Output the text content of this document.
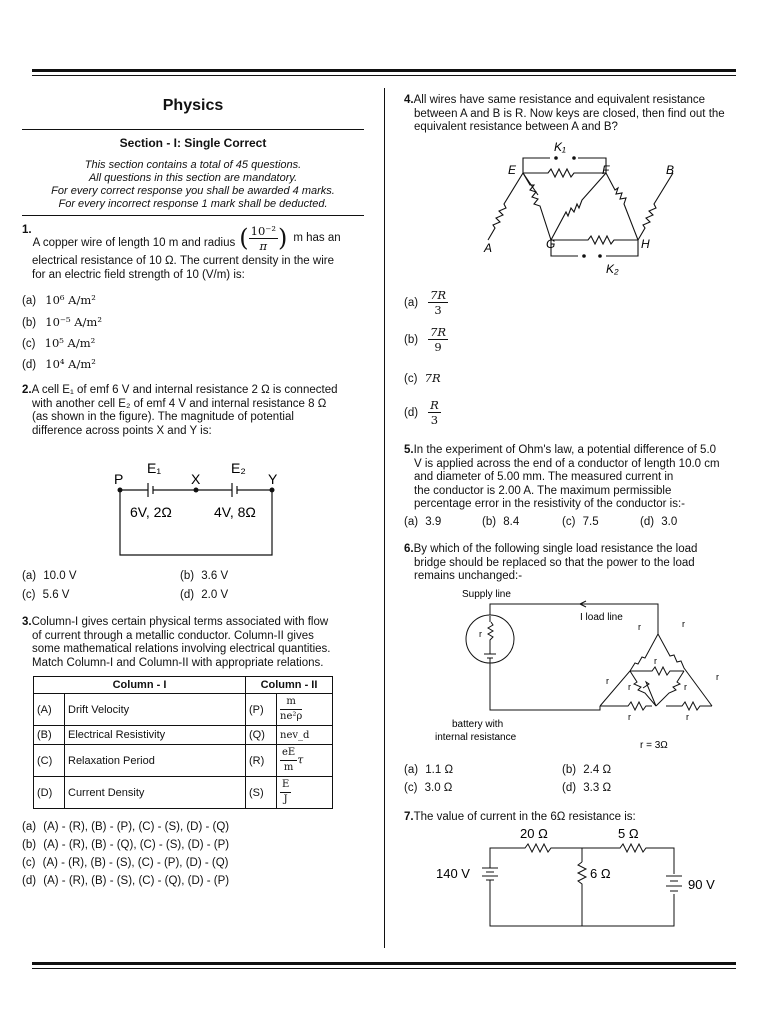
Physics
Section - I: Single Correct
This section contains a total of 45 questions.
All questions in this section are mandatory.
For every correct response you shall be awarded 4 marks.
For every incorrect response 1 mark shall be deducted.
1.
A copper wire of length 10 m and radius ( $\frac{\text{10⁻²}}{\pi}$ ) m has an
electrical resistance of 10 Ω. The current density in the wire
for an electric field strength of 10 (V/m) is:
(a) 10⁶ A/m²
(b) 10⁻⁵ A/m²
(c) 10⁵ A/m²
(d) 10⁴ A/m²
2.A cell E₁ of emf 6 V and internal resistance 2 Ω is connected
with another cell E₂ of emf 4 V and internal resistance 8 Ω
(as shown in the figure). The magnitude of potential
difference across points X and Y is:
P	X	Y
E₁	E₂
6V, 2Ω	4V, 8Ω
(a) 10.0 V	(b) 3.6 V
(c) 5.6 V	(d) 2.0 V
3.Column-I gives certain physical terms associated with flow
of current through a metallic conductor. Column-II gives
some mathematical relations involving electrical quantities.
Match Column-I and Column-II with appropriate relations.
Column - I		Column - II	
(A)	Drift Velocity	(P)	$\frac{m}{\text{ne²ρ}}$

(B)	Electrical Resistivity	(Q)	nev_d
(C)	Relaxation Period	(R)	$\frac{eE}{m}$ τ
(D)	Current Density	(S)	$\frac{E}{J}$
(a) (A) - (R), (B) - (P), (C) - (S), (D) - (Q)
(b) (A) - (R), (B) - (Q), (C) - (S), (D) - (P)
(c) (A) - (R), (B) - (S), (C) - (P), (D) - (Q)
(d) (A) - (R), (B) - (S), (C) - (Q), (D) - (P)
4.All wires have same resistance and equivalent resistance
between A and B is R. Now keys are closed, then find out the
equivalent resistance between A and B?
K₁
E	F	B
A	G	H
K₂
$(a) \frac{7R}{3}$
$(b) \frac{7R}{9}$
(c) 7R
$(d) \frac{R}{3}$
5.In the experiment of Ohm's law, a potential difference of 5.0
V is applied across the end of a conductor of length 10.0 cm
and diameter of 5.00 mm. The measured current in
the conductor is 2.00 A. The maximum permissible
percentage error in the resistivity of the conductor is:-
(a) 3.9	(b) 8.4	(c) 7.5	(d) 3.0
6.By which of the following single load resistance the load
bridge should be replaced so that the power to the load
remains unchanged:-
Supply line
I load line
battery with
internal resistance
r
r	r
r
r
r	r
r
r	r
r = 3Ω
(a) 1.1 Ω	(b) 2.4 Ω
(c) 3.0 Ω	(d) 3.3 Ω
7.The value of current in the 6Ω resistance is:
20 Ω	5 Ω
6 Ω
140 V
90 V
